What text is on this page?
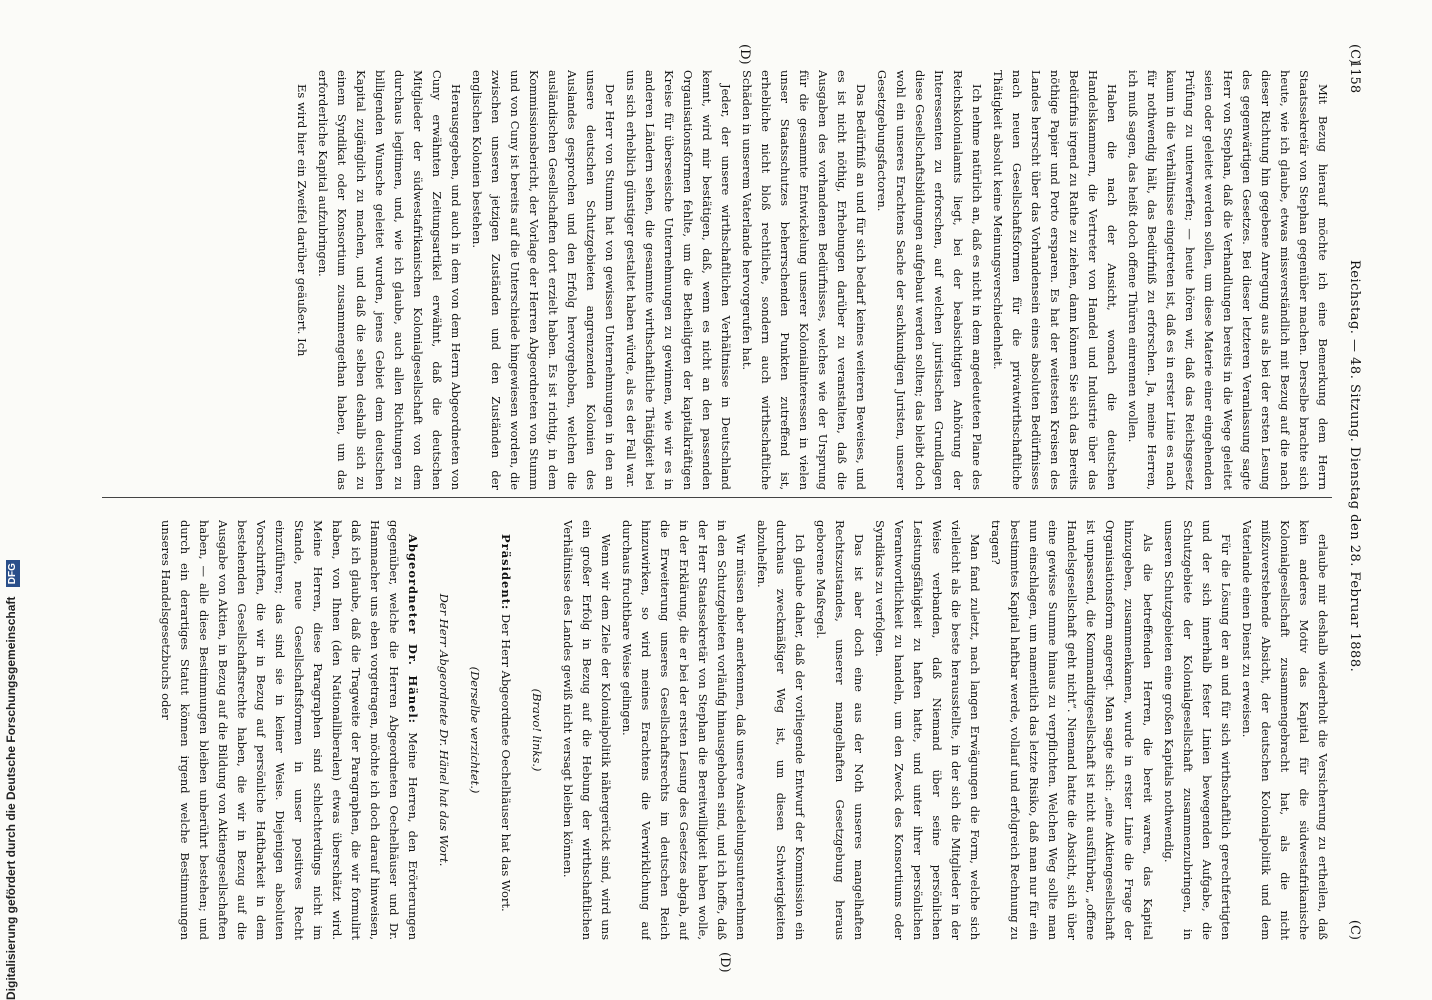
1158
Reichstag. — 48. Sitzung. Dienstag den 28. Februar 1888.
(C)
(C)
(D)
(D)

Mit Bezug hierauf möchte ich eine Bemerkung dem Herrn Staatssekretär von Stephan gegenüber machen. Derselbe brachte sich heute, wie ich glaube, etwas missverständlich mit Bezug auf die nach dieser Richtung hin gegebene Anregung aus als bei der ersten Lesung des gegenwärtigen Gesetzes. Bei dieser letzteren Veranlassung sagte Herr von Stephan, daß die Verhandlungen bereits in die Wege geleitet seien oder geleitet werden sollen, um diese Materie einer eingehenden Prüfung zu unterwerfen; — heute hören wir, daß das Reichsgesetz kaum in die Verhältnisse eingetreten ist, daß es in erster Linie es nach für nothwendig hält, das Bedürfniß zu erforschen. Ja, meine Herren, ich muß sagen, das heißt doch offene Thüren einrennen wollen.

Haben die nach der Ansicht, wonach die deutschen Handelskammern, die Vertreter von Handel und Industrie über das Bedürfnis irgend zu Rathe zu ziehen, dann können Sie sich das Bereits nöthige Papier und Porto ersparen. Es hat der weitesten Kreisen des Landes herrscht über das Vorhandensein eines absoluten Bedürfnisses nach neuen Gesellschaftsformen für die privatwirthschaftliche Thätigkeit absolut keine Meinungsverschiedenheit.

Ich nehme natürlich an, daß es nicht in dem angedeuteten Plane des Reichskolonialamts liegt, bei der beabsichtigten Anhörung der Interessenten zu erforschen, auf welchen juristischen Grundlagen diese Gesellschaftsbildungen aufgebaut werden sollten; das bleibt doch wohl ein unseres Erachtens Sache der sachkundigen Juristen, unserer Gesetzgebungsfactoren.

Das Bedürfniß an und für sich bedarf keines weiteren Beweises, und es ist nicht nöthig, Erhebungen darüber zu veranstalten, daß die Ausgaben des vorhandenen Bedürfnisses, welches wie der Ursprung für die gesammte Entwickelung unserer Kolonialinteressen in vielen unser Staatsschutzes beherrschenden Punkten zutreffend ist, erhebliche nicht bloß rechtliche, sondern auch wirthschaftliche Schäden in unserem Vaterlande hervorgerufen hat.

Jeder, der unsere wirthschaftlichen Verhältnisse in Deutschland kennt, wird mir bestätigen, daß, wenn es nicht an den passenden Organisationsformen fehlte, um die Betheiligten der kapitalkräftigen Kreise für überseeische Unternehmungen zu gewinnen, wie wir es in anderen Ländern sehen, die gesammte wirthschaftliche Thätigkeit bei uns sich erheblich günstiger gestaltet haben würde, als es der Fall war.

Der Herr von Stumm hat von gewissen Unternehmungen in den an unsere deutschen Schutzgebieten angrenzenden Kolonien des Auslandes gesprochen und den Erfolg hervorgehoben, welchen die ausländischen Gesellschaften dort erzielt haben. Es ist richtig, in dem Kommissionsbericht, der Vorlage der Herren Abgeordneten von Stumm und von Cuny ist bereits auf die Unterschiede hingewiesen worden, die zwischen unseren jetzigen Zuständen und den Zuständen der englischen Kolonien bestehen.

Herausgegeben, und auch in dem von dem Herrn Abgeordneten von Cuny erwähnten Zeitungsartikel erwähnt, daß die deutschen Mitglieder der südwestafrikanischen Kolonialgesellschaft von dem durchaus legitimen, und, wie ich glaube, auch allen Richtungen zu billigenden Wunsche geleitet wurden, jenes Gebiet dem deutschen Kapital zugänglich zu machen, und daß die selben deshalb sich zu einem Syndikat oder Konsortium zusammengethan haben, um das erforderliche Kapital aufzubringen.

Es wird hier ein Zweifel darüber geäußert. Ich

erlaube mir deshalb wiederholt die Versicherung zu ertheilen, daß kein anderes Motiv das Kapital für die südwestafrikanische Kolonialgesellschaft zusammengebracht hat, als die nicht mißzuverstehende Absicht, der deutschen Kolonialpolitik und dem Vaterlande einen Dienst zu erweisen.

Für die Lösung der an und für sich wirthschaftlich gerechtfertigten und der sich innerhalb fester Linien bewegenden Aufgabe, die Schutzgebiete der Kolonialgesellschaft zusammenzubringen, in unseren Schutzgebieten eine großen Kapitals nothwendig.

Als die betreffenden Herren, die bereit waren, das Kapital hinzugeben, zusammenkamen, wurde in erster Linie die Frage der Organisationsform angeregt. Man sagte sich: „eine Aktiengesellschaft ist unpassend, die Kommanditgesellschaft ist nicht ausführbar, „offene Handelsgesellschaft geht nicht“. Niemand hatte die Absicht, sich über eine gewisse Summe hinaus zu verpflichten. Welchen Weg sollte man nun einschlagen, um namentlich das letzte Risiko, daß man nur für ein bestimmtes Kapital haftbar werde, vollauf und erfolgreich Rechnung zu tragen?

Man fand zuletzt, nach langen Erwägungen die Form, welche sich vielleicht als die beste herausstellte, in der sich die Mitglieder in der Weise verbanden, daß Niemand über seine persönlichen Leistungsfähigkeit zu haften hatte, und unter ihrer persönlichen Verantwortlichkeit zu handeln, um den Zweck des Konsortiums oder Syndikats zu verfolgen.

Das ist aber doch eine aus der Noth unseres mangelhaften Rechtszustandes, unserer mangelhaften Gesetzgebung heraus geborene Maßregel.

Ich glaube daher, daß der vorliegende Entwurf der Kommission ein durchaus zweckmäßiger Weg ist, um diesen Schwierigkeiten abzuhelfen.

Wir müssen aber anerkennen, daß unsere Ansiedelungsunternehmen in den Schutzgebieten vorläufig hinausgehoben sind, und ich hoffe, daß der Herr Staatssekretär von Stephan die Bereitwilligkeit haben wolle, in der Erklärung, die er bei der ersten Lesung des Gesetzes abgab, auf die Erweiterung unseres Gesellschaftsrechts im deutschen Reich hinzuwirken, so wird meines Erachtens die Verwirklichung auf durchaus fruchtbare Weise gelingen.

Wenn wir dem Ziele der Kolonialpolitik nähergerückt sind, wird uns ein großer Erfolg in Bezug auf die Hebung der wirthschaftlichen Verhältnisse des Landes gewiß nicht versagt bleiben können.

(Bravo! links.)

Präsident: Der Herr Abgeordnete Oechelhäuser hat das Wort.

(Derselbe verzichtet.)

Der Herr Abgeordnete Dr. Hänel hat das Wort.

Abgeordneter Dr. Hänel: Meine Herren, den Erörterungen gegenüber, welche die Herren Abgeordneten Oechelhäuser und Dr. Hammacher uns eben vorgetragen, möchte ich doch darauf hinweisen, daß ich glaube, daß die Tragweite der Paragraphen, die wir formulirt haben, von Ihnen (den Nationalliberalen) etwas überschätzt wird. Meine Herren, diese Paragraphen sind schlechterdings nicht im Stande, neue Gesellschaftsformen in unser positives Recht einzuführen; das sind sie in keiner Weise. Diejenigen absoluten Vorschriften, die wir in Bezug auf persönliche Haftbarkeit in dem bestehenden Gesellschaftsrechte haben, die wir in Bezug auf die Ausgabe von Aktien, in Bezug auf die Bildung von Aktiengesellschaften haben, — alle diese Bestimmungen bleiben unberührt bestehen; und durch ein derartiges Statut können irgend welche Bestimmungen unseres Handelsgesetzbuchs oder

Digitalisierung gefördert durch die Deutsche Forschungsgemeinschaft DFG
